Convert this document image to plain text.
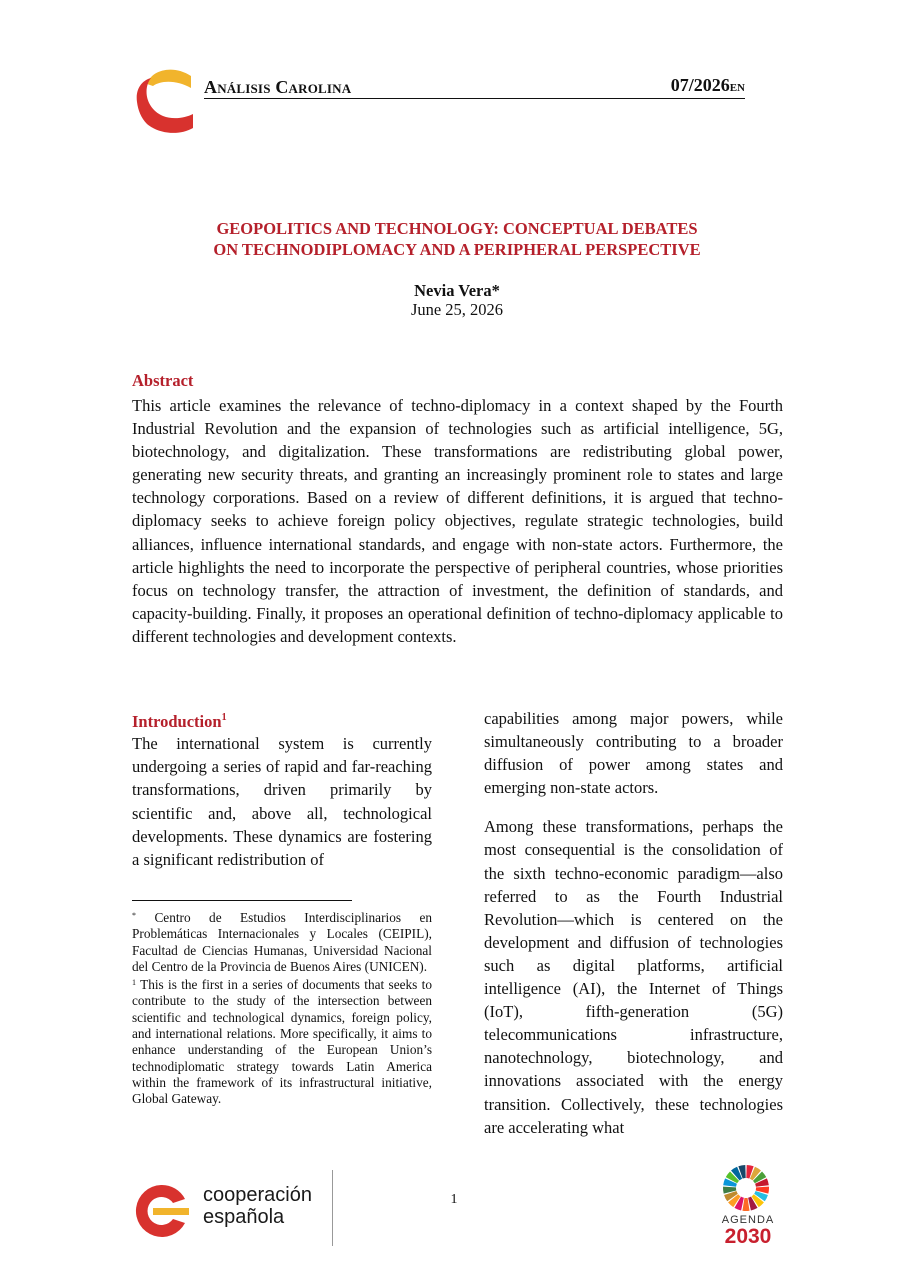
Análisis Carolina	07/2026en
GEOPOLITICS AND TECHNOLOGY: CONCEPTUAL DEBATES
ON TECHNODIPLOMACY AND A PERIPHERAL PERSPECTIVE
Nevia Vera*
June 25, 2026
Abstract

This article examines the relevance of techno-diplomacy in a context shaped by the Fourth Industrial Revolution and the expansion of technologies such as artificial intelligence, 5G, biotechnology, and digitalization. These transformations are redistributing global power, generating new security threats, and granting an increasingly prominent role to states and large technology corporations. Based on a review of different definitions, it is argued that techno-diplomacy seeks to achieve foreign policy objectives, regulate strategic technologies, build alliances, influence international standards, and engage with non-state actors. Furthermore, the article highlights the need to incorporate the perspective of peripheral countries, whose priorities focus on technology transfer, the attraction of investment, the definition of standards, and capacity-building. Finally, it proposes an operational definition of techno-diplomacy applicable to different technologies and development contexts.

Introduction$^1$

The international system is currently undergoing a series of rapid and far-reaching transformations, driven primarily by scientific and, above all, technological developments. These dynamics are fostering a significant redistribution of

* Centro de Estudios Interdisciplinarios en Problemáticas Internacionales y Locales (CEIPIL), Facultad de Ciencias Humanas, Universidad Nacional del Centro de la Provincia de Buenos Aires (UNICEN).

$^1$ This is the first in a series of documents that seeks to contribute to the study of the intersection between scientific and technological dynamics, foreign policy, and international relations. More specifically, it aims to enhance understanding of the European Union’s technodiplomatic strategy towards Latin America within the framework of its infrastructural initiative, Global Gateway.

capabilities among major powers, while simultaneously contributing to a broader diffusion of power among states and emerging non-state actors.

Among these transformations, perhaps the most consequential is the consolidation of the sixth techno-economic paradigm—also referred to as the Fourth Industrial Revolution—which is centered on the development and diffusion of technologies such as digital platforms, artificial intelligence (AI), the Internet of Things (IoT), fifth-generation (5G) telecommunications infrastructure, nanotechnology, biotechnology, and innovations associated with the energy transition. Collectively, these technologies are accelerating what

cooperación
española
1
AGENDA
2030
